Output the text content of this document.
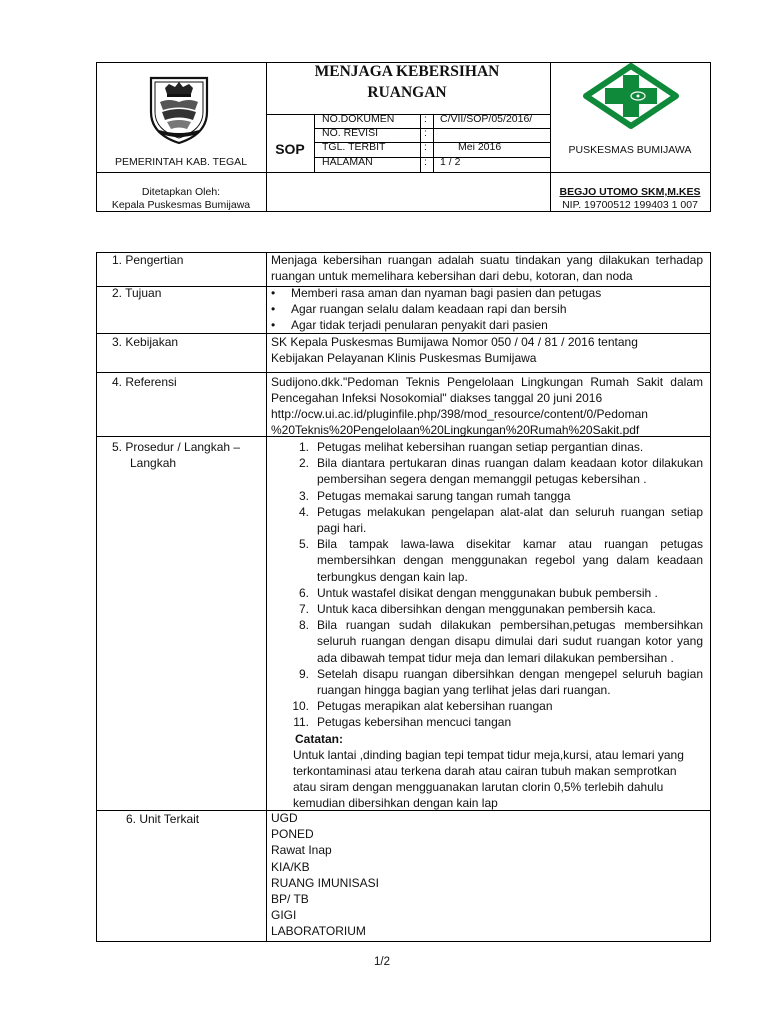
PEMERINTAH KAB. TEGAL
MENJAGA KEBERSIHAN
RUANGAN
SOP
NO.DOKUMEN	: C/VII/SOP/05/2016/
NO. REVISI	:
TGL. TERBIT	:	Mei 2016
HALAMAN	: 1 / 2
PUSKESMAS BUMIJAWA
Ditetapkan Oleh:
Kepala Puskesmas Bumijawa
BEGJO UTOMO SKM,M.KES
NIP. 19700512 199403 1 007
1. Pengertian	Menjaga kebersihan ruangan adalah suatu tindakan yang dilakukan terhadap ruangan untuk memelihara kebersihan dari debu, kotoran, dan noda
2. Tujuan
•	Memberi rasa aman dan nyaman bagi pasien dan petugas
• Agar ruangan selalu dalam keadaan rapi dan bersih
• Agar tidak terjadi penularan penyakit dari pasien
3. Kebijakan	SK Kepala Puskesmas Bumijawa Nomor 050 / 04 / 81 / 2016 tentang
Kebijakan Pelayanan Klinis Puskesmas Bumijawa
4. Referensi	Sudijono.dkk."Pedoman Teknis Pengelolaan Lingkungan Rumah Sakit dalam Pencegahan Infeksi Nosokomial" diakses tanggal 20 juni 2016
http://ocw.ui.ac.id/pluginfile.php/398/mod_resource/content/0/Pedoman
%20Teknis%20Pengelolaan%20Lingkungan%20Rumah%20Sakit.pdf
5. Prosedur / Langkah –
Langkah
1. Petugas melihat kebersihan ruangan setiap pergantian dinas.
2. Bila diantara pertukaran dinas ruangan dalam keadaan kotor dilakukan pembersihan segera dengan memanggil petugas kebersihan .
3. Petugas memakai sarung tangan rumah tangga
4. Petugas melakukan pengelapan alat-alat dan seluruh ruangan setiap pagi hari.
5. Bila tampak lawa-lawa disekitar kamar atau ruangan petugas membersihkan dengan menggunakan regebol yang dalam keadaan terbungkus dengan kain lap.
6. Untuk wastafel disikat dengan menggunakan bubuk pembersih .
7. Untuk kaca dibersihkan dengan menggunakan pembersih kaca.
8. Bila ruangan sudah dilakukan pembersihan,petugas membersihkan seluruh ruangan dengan disapu dimulai dari sudut ruangan kotor yang ada dibawah tempat tidur meja dan lemari dilakukan pembersihan .
9. Setelah disapu ruangan dibersihkan dengan mengepel seluruh bagian ruangan hingga bagian yang terlihat jelas dari ruangan.
10. Petugas merapikan alat kebersihan ruangan
11. Petugas kebersihan mencuci tangan
Catatan:
Untuk lantai ,dinding bagian tepi tempat tidur meja,kursi, atau lemari yang terkontaminasi atau terkena darah atau cairan tubuh makan semprotkan atau siram dengan mengguanakan larutan clorin 0,5% terlebih dahulu kemudian dibersihkan dengan kain lap
6. Unit Terkait	UGD
PONED
Rawat Inap
KIA/KB
RUANG IMUNISASI
BP/ TB
GIGI
LABORATORIUM
1/2
